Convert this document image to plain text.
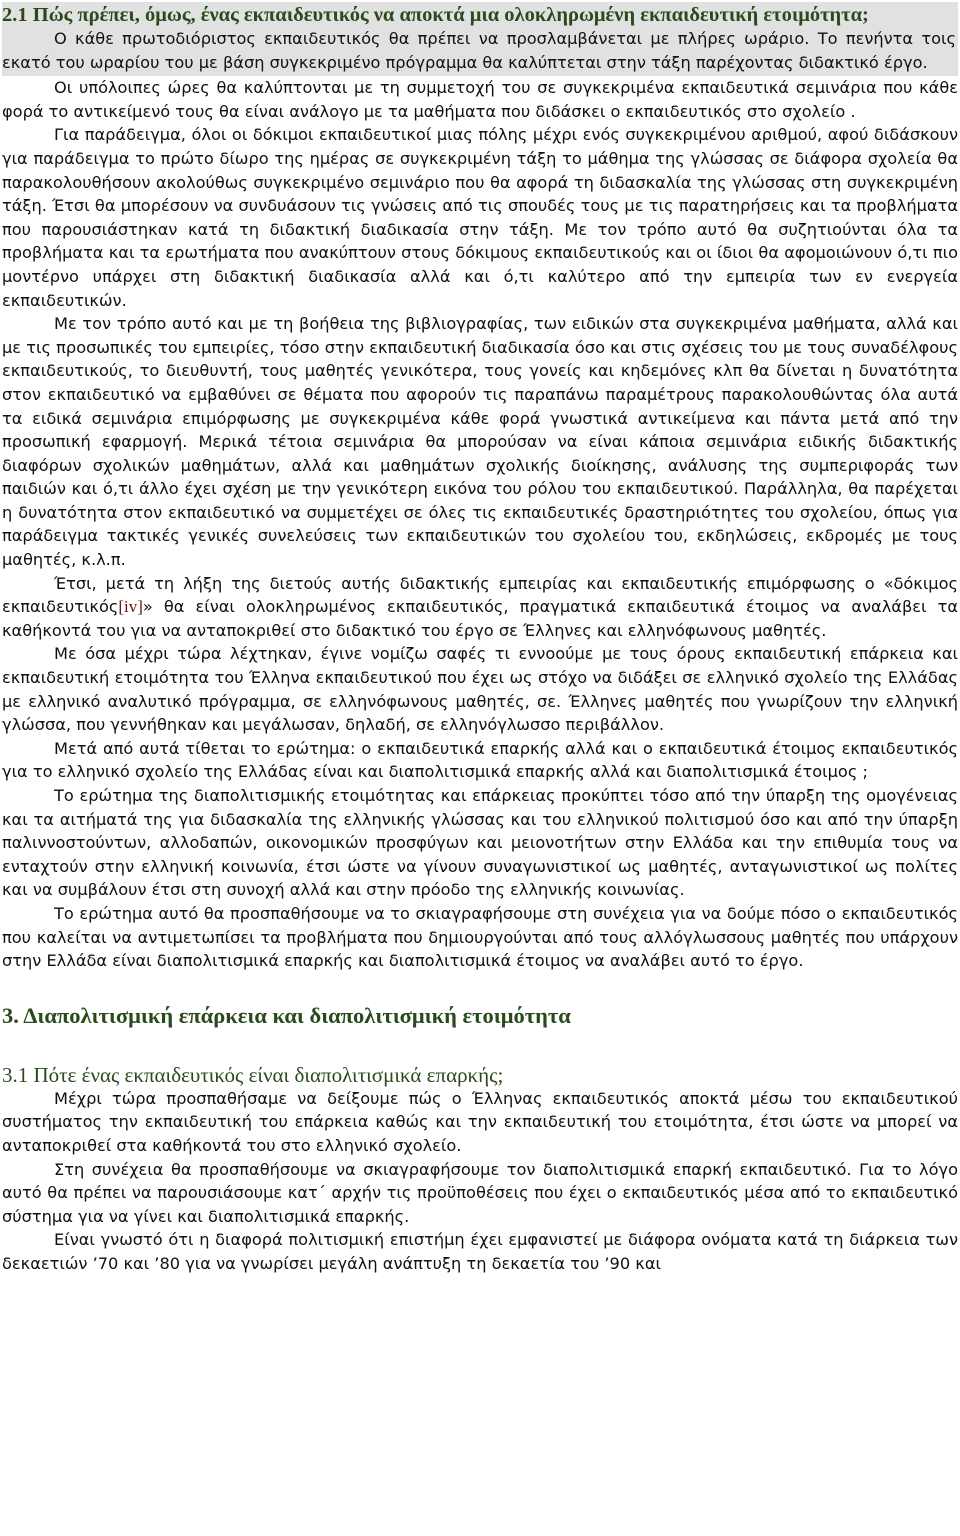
2.1 Πώς πρέπει, όμως, ένας εκπαιδευτικός να αποκτά μια ολοκληρωμένη εκπαιδευτική ετοιμότητα;

Ο κάθε πρωτοδιόριστος εκπαιδευτικός θα πρέπει να προσλαμβάνεται με πλήρες ωράριο. Το πενήντα τοις εκατό του ωραρίου του με βάση συγκεκριμένο πρόγραμμα θα καλύπτεται στην τάξη παρέχοντας διδακτικό έργο.

Οι υπόλοιπες ώρες θα καλύπτονται με τη συμμετοχή του σε συγκεκριμένα εκπαιδευτικά σεμινάρια που κάθε φορά το αντικείμενό τους θα είναι ανάλογο με τα μαθήματα που διδάσκει ο εκπαιδευτικός στο σχολείο .

Για παράδειγμα, όλοι οι δόκιμοι εκπαιδευτικοί μιας πόλης μέχρι ενός συγκεκριμένου αριθμού, αφού διδάσκουν για παράδειγμα το πρώτο δίωρο της ημέρας σε συγκεκριμένη τάξη το μάθημα της γλώσσας σε διάφορα σχολεία θα παρακολουθήσουν ακολούθως συγκεκριμένο σεμινάριο που θα αφορά τη διδασκαλία της γλώσσας στη συγκεκριμένη τάξη. Έτσι θα μπορέσουν να συνδυάσουν τις γνώσεις από τις σπουδές τους με τις παρατηρήσεις και τα προβλήματα που παρουσιάστηκαν κατά τη διδακτική διαδικασία στην τάξη. Με τον τρόπο αυτό θα συζητιούνται όλα τα προβλήματα και τα ερωτήματα που ανακύπτουν στους δόκιμους εκπαιδευτικούς και οι ίδιοι θα αφομοιώνουν ό,τι πιο μοντέρνο υπάρχει στη διδακτική διαδικασία αλλά και ό,τι καλύτερο από την εμπειρία των εν ενεργεία εκπαιδευτικών.

Με τον τρόπο αυτό και με τη βοήθεια της βιβλιογραφίας, των ειδικών στα συγκεκριμένα μαθήματα, αλλά και με τις προσωπικές του εμπειρίες, τόσο στην εκπαιδευτική διαδικασία όσο και στις σχέσεις του με τους συναδέλφους εκπαιδευτικούς, το διευθυντή, τους μαθητές γενικότερα, τους γονείς και κηδεμόνες κλπ θα δίνεται η δυνατότητα στον εκπαιδευτικό να εμβαθύνει σε θέματα που αφορούν τις παραπάνω παραμέτρους παρακολουθώντας όλα αυτά τα ειδικά σεμινάρια επιμόρφωσης με συγκεκριμένα κάθε φορά γνωστικά αντικείμενα και πάντα μετά από την προσωπική εφαρμογή. Μερικά τέτοια σεμινάρια θα μπορούσαν να είναι κάποια σεμινάρια ειδικής διδακτικής διαφόρων σχολικών μαθημάτων, αλλά και μαθημάτων σχολικής διοίκησης, ανάλυσης της συμπεριφοράς των παιδιών και ό,τι άλλο έχει σχέση με την γενικότερη εικόνα του ρόλου του εκπαιδευτικού. Παράλληλα, θα παρέχεται η δυνατότητα στον εκπαιδευτικό να συμμετέχει σε όλες τις εκπαιδευτικές δραστηριότητες του σχολείου, όπως για παράδειγμα τακτικές γενικές συνελεύσεις των εκπαιδευτικών του σχολείου του, εκδηλώσεις, εκδρομές με τους μαθητές, κ.λ.π.

Έτσι, μετά τη λήξη της διετούς αυτής διδακτικής εμπειρίας και εκπαιδευτικής επιμόρφωσης ο «δόκιμος εκπαιδευτικός[iv]» θα είναι ολοκληρωμένος εκπαιδευτικός, πραγματικά εκπαιδευτικά έτοιμος να αναλάβει τα καθήκοντά του για να ανταποκριθεί στο διδακτικό του έργο σε Έλληνες και ελληνόφωνους μαθητές.

Με όσα μέχρι τώρα λέχτηκαν, έγινε νομίζω σαφές τι εννοούμε με τους όρους εκπαιδευτική επάρκεια και εκπαιδευτική ετοιμότητα του Έλληνα εκπαιδευτικού που έχει ως στόχο να διδάξει σε ελληνικό σχολείο της Ελλάδας με ελληνικό αναλυτικό πρόγραμμα, σε ελληνόφωνους μαθητές, σε. Έλληνες μαθητές που γνωρίζουν την ελληνική γλώσσα, που γεννήθηκαν και μεγάλωσαν, δηλαδή, σε ελληνόγλωσσο περιβάλλον.

Μετά από αυτά τίθεται το ερώτημα: ο εκπαιδευτικά επαρκής αλλά και ο εκπαιδευτικά έτοιμος εκπαιδευτικός για το ελληνικό σχολείο της Ελλάδας είναι και διαπολιτισμικά επαρκής αλλά και διαπολιτισμικά έτοιμος ;

Το ερώτημα της διαπολιτισμικής ετοιμότητας και επάρκειας προκύπτει τόσο από την ύπαρξη της ομογένειας και τα αιτήματά της για διδασκαλία της ελληνικής γλώσσας και του ελληνικού πολιτισμού όσο και από την ύπαρξη παλιννοστούντων, αλλοδαπών, οικονομικών προσφύγων και μειονοτήτων στην Ελλάδα και την επιθυμία τους να ενταχτούν στην ελληνική κοινωνία, έτσι ώστε να γίνουν συναγωνιστικοί ως μαθητές, ανταγωνιστικοί ως πολίτες και να συμβάλουν έτσι στη συνοχή αλλά και στην πρόοδο της ελληνικής κοινωνίας.

Το ερώτημα αυτό θα προσπαθήσουμε να το σκιαγραφήσουμε στη συνέχεια για να δούμε πόσο ο εκπαιδευτικός που καλείται να αντιμετωπίσει τα προβλήματα που δημιουργούνται από τους αλλόγλωσσους μαθητές που υπάρχουν στην Ελλάδα είναι διαπολιτισμικά επαρκής και διαπολιτισμικά έτοιμος να αναλάβει αυτό το έργο.

3. Διαπολιτισμική επάρκεια και διαπολιτισμική ετοιμότητα
3.1 Πότε ένας εκπαιδευτικός είναι διαπολιτισμικά επαρκής;

Μέχρι τώρα προσπαθήσαμε να δείξουμε πώς ο Έλληνας εκπαιδευτικός αποκτά μέσω του εκπαιδευτικού συστήματος την εκπαιδευτική του επάρκεια καθώς και την εκπαιδευτική του ετοιμότητα, έτσι ώστε να μπορεί να ανταποκριθεί στα καθήκοντά του στο ελληνικό σχολείο.

Στη συνέχεια θα προσπαθήσουμε να σκιαγραφήσουμε τον διαπολιτισμικά επαρκή εκπαιδευτικό. Για το λόγο αυτό θα πρέπει να παρουσιάσουμε κατ΄ αρχήν τις προϋποθέσεις που έχει ο εκπαιδευτικός μέσα από το εκπαιδευτικό σύστημα για να γίνει και διαπολιτισμικά επαρκής.

Είναι γνωστό ότι η διαφορά πολιτισμική επιστήμη έχει εμφανιστεί με διάφορα ονόματα κατά τη διάρκεια των δεκαετιών ’70 και ’80 για να γνωρίσει μεγάλη ανάπτυξη τη δεκαετία του ’90 και
